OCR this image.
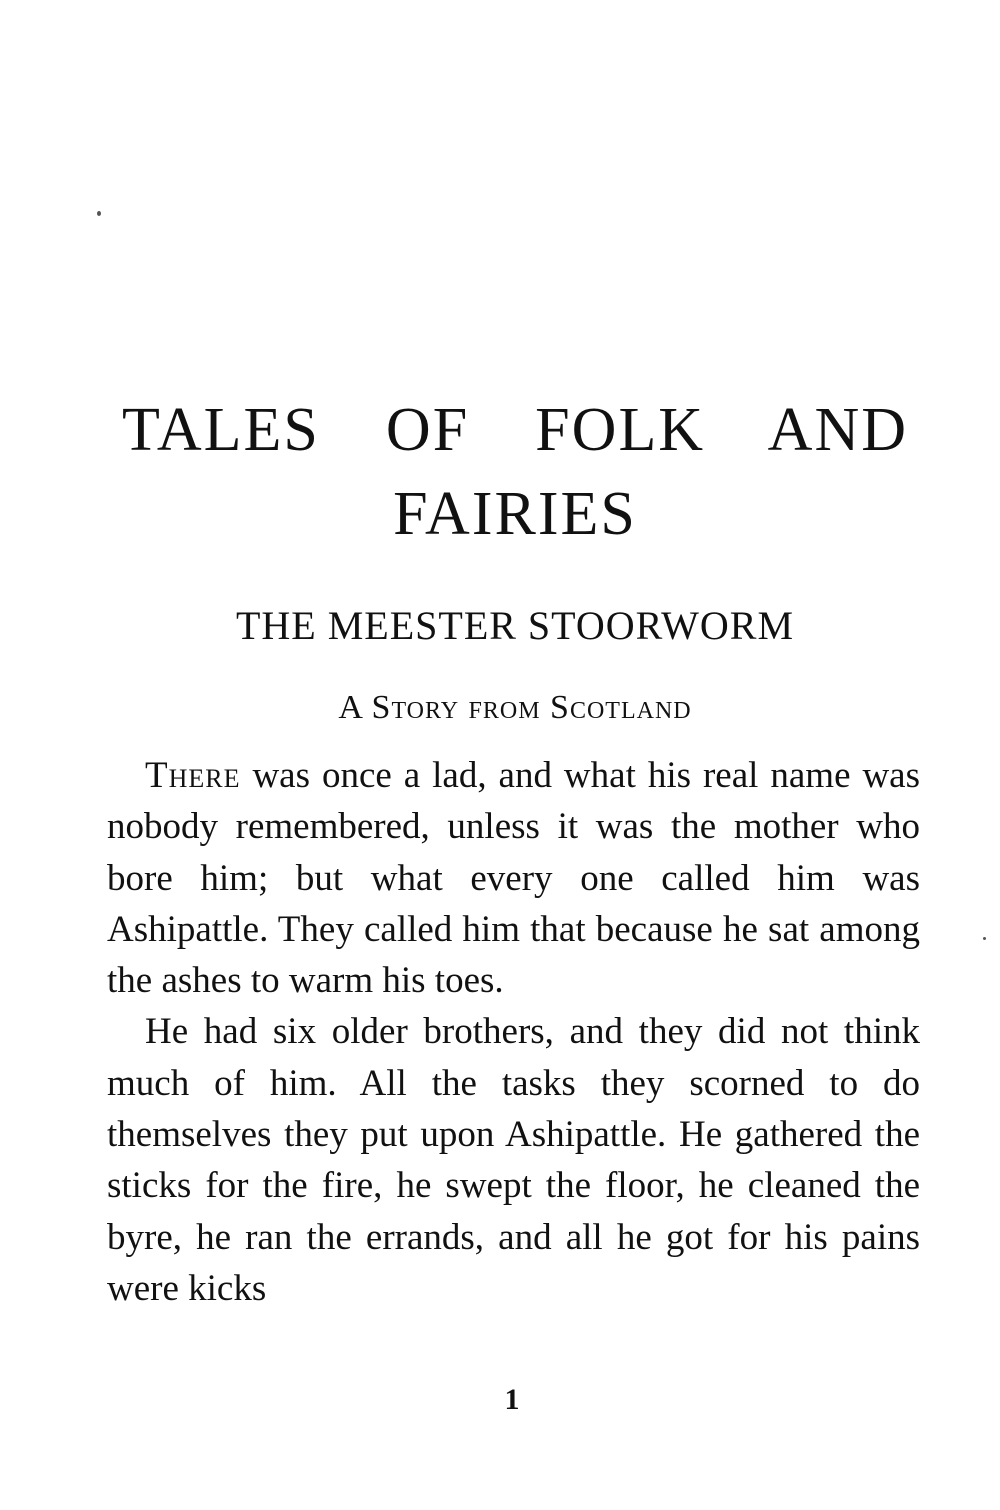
TALES OF FOLK AND
FAIRIES
THE MEESTER STOORWORM
A Story from Scotland

There was once a lad, and what his real name was nobody remembered, unless it was the mother who bore him; but what every one called him was Ashipattle. They called him that because he sat among the ashes to warm his toes.

He had six older brothers, and they did not think much of him. All the tasks they scorned to do themselves they put upon Ashipattle. He gathered the sticks for the fire, he swept the floor, he cleaned the byre, he ran the errands, and all he got for his pains were kicks

1
